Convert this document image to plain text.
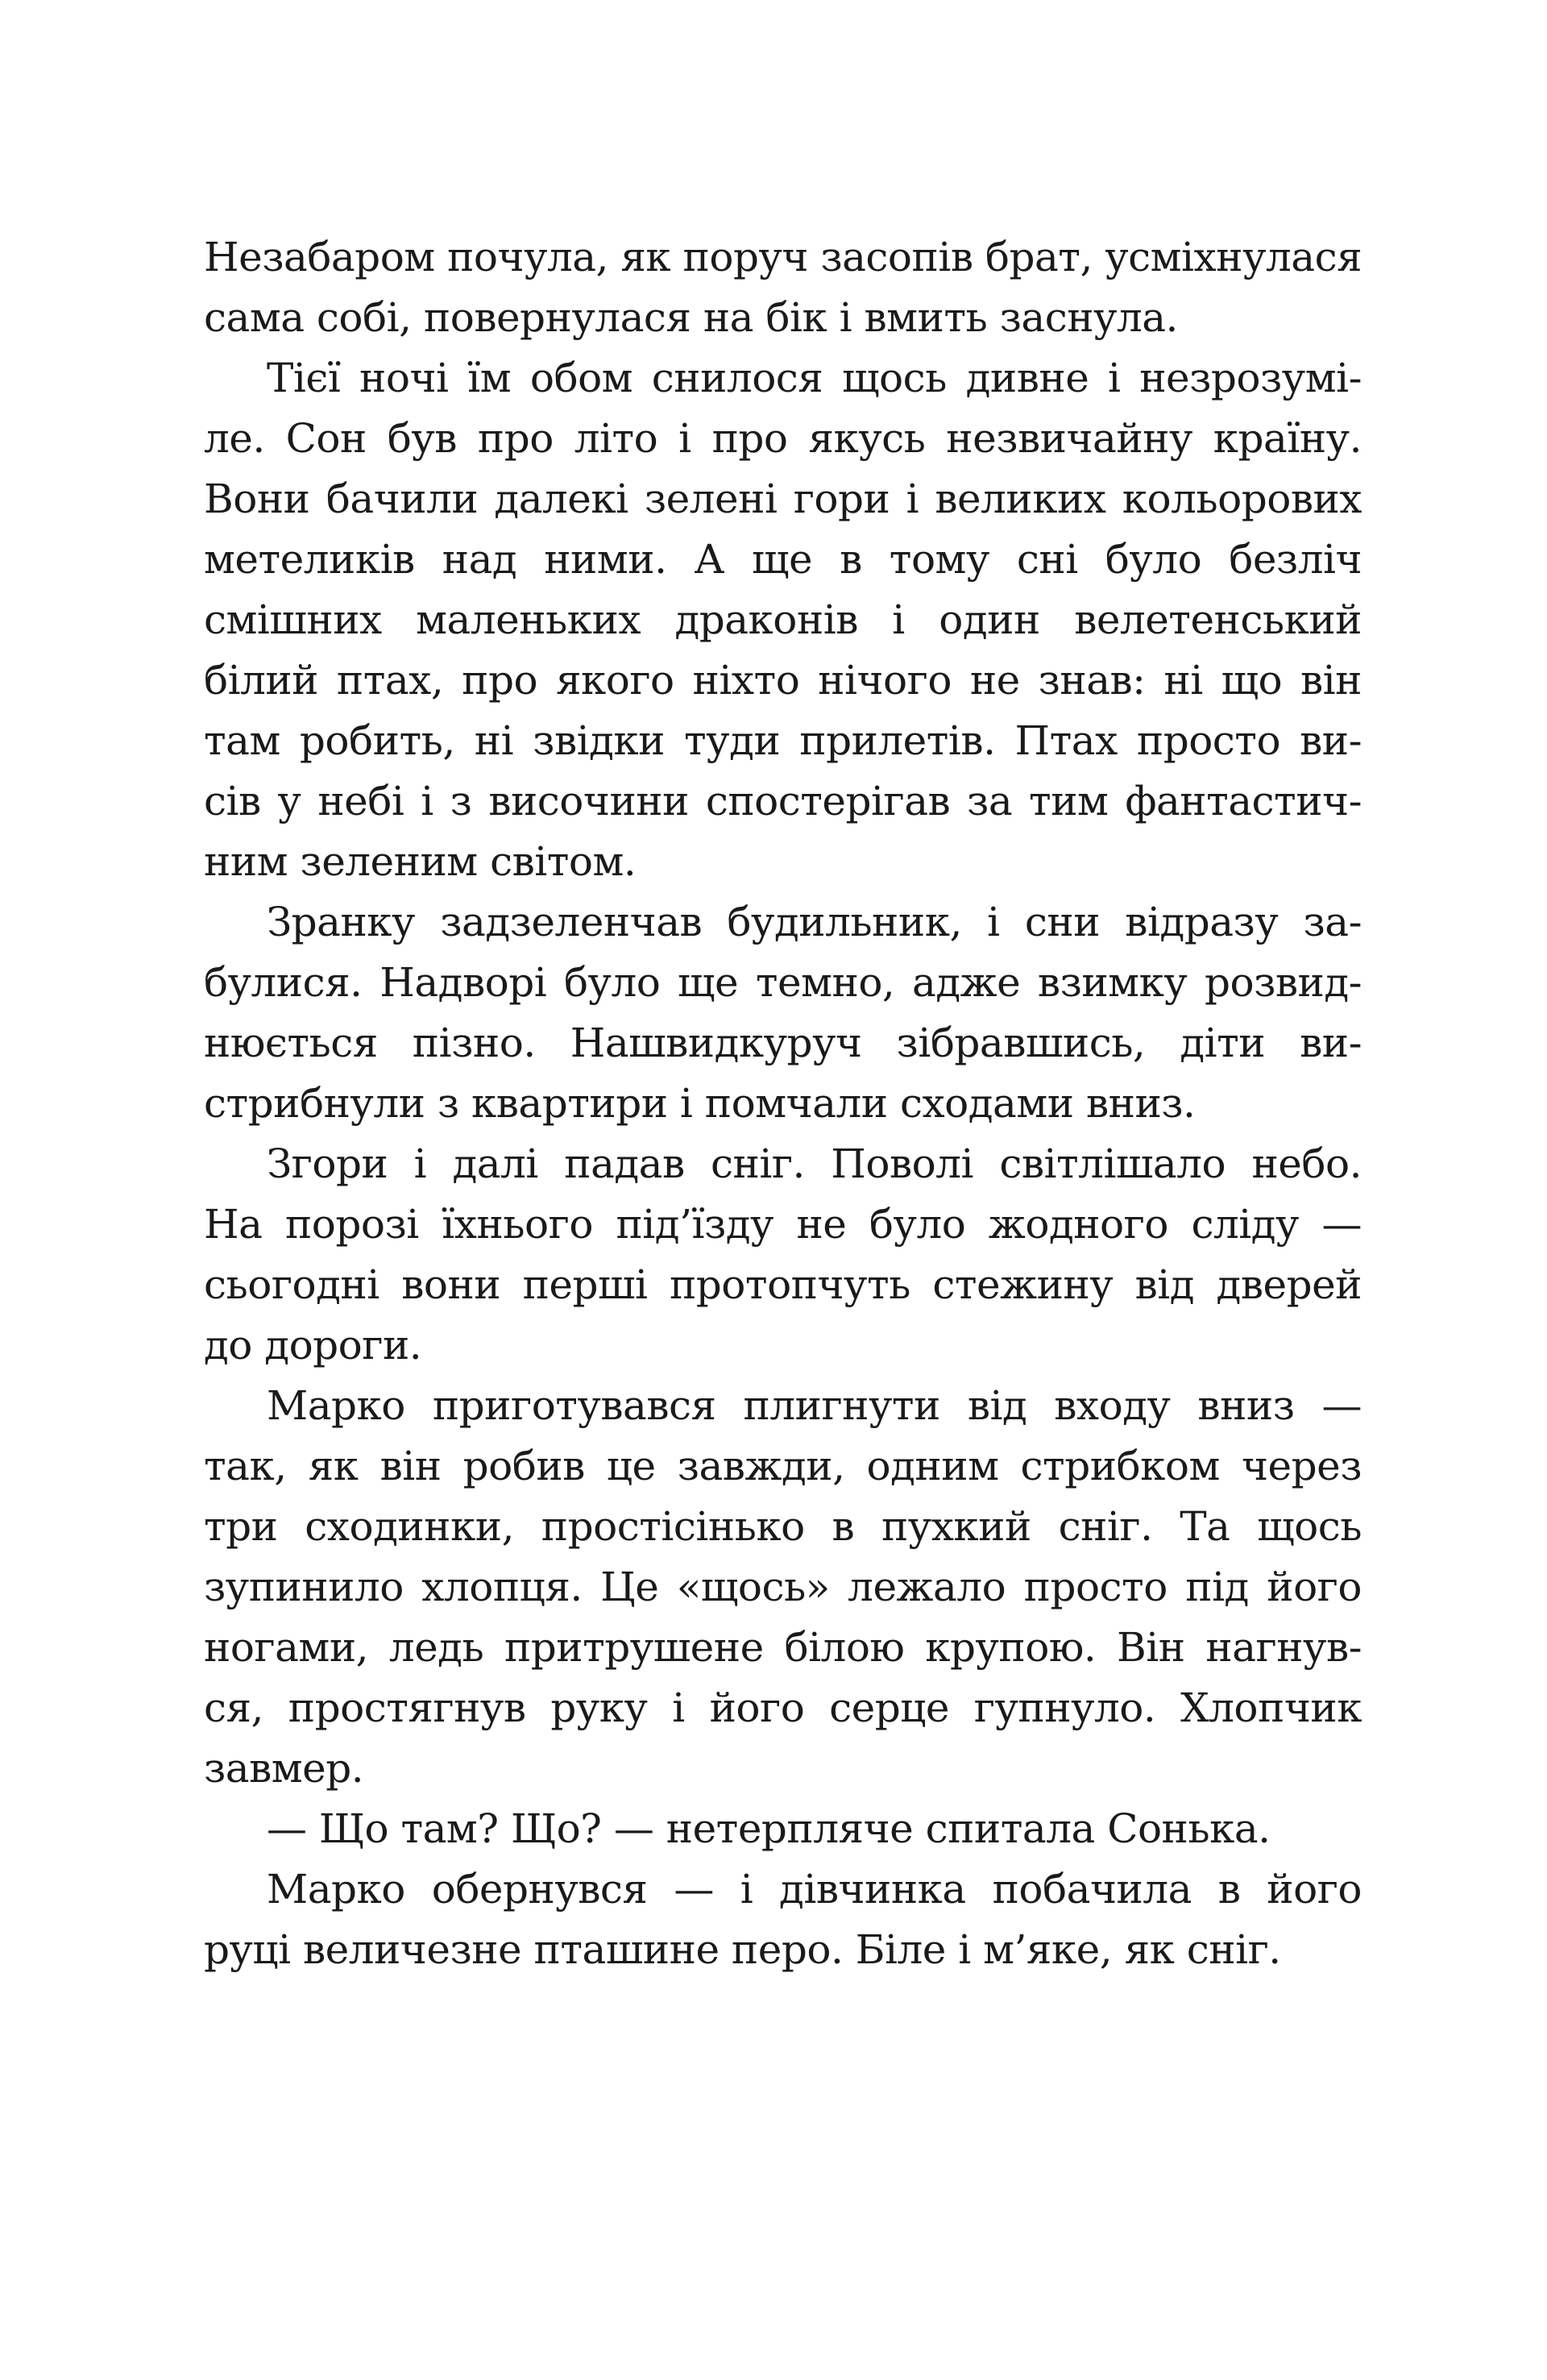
Незабаром почула, як поруч засопів брат, усміхнулася
сама собі, повернулася на бік і вмить заснула.
Тієї ночі їм обом снилося щось дивне і незрозумі-
ле. Сон був про літо і про якусь незвичайну країну.
Вони бачили далекі зелені гори і великих кольорових
метеликів над ними. А ще в тому сні було безліч
смішних маленьких драконів і один велетенський
білий птах, про якого ніхто нічого не знав: ні що він
там робить, ні звідки туди прилетів. Птах просто ви-
сів у небі і з височини спостерігав за тим фантастич-
ним зеленим світом.
Зранку задзеленчав будильник, і сни відразу за-
булися. Надворі було ще темно, адже взимку розвид-
нюється пізно. Нашвидкуруч зібравшись, діти ви-
стрибнули з квартири і помчали сходами вниз.
Згори і далі падав сніг. Поволі світлішало небо.
На порозі їхнього під’їзду не було жодного сліду —
сьогодні вони перші протопчуть стежину від дверей
до дороги.
Марко приготувався плигнути від входу вниз —
так, як він робив це завжди, одним стрибком через
три сходинки, простісінько в пухкий сніг. Та щось
зупинило хлопця. Це «щось» лежало просто під його
ногами, ледь притрушене білою крупою. Він нагнув-
ся, простягнув руку і його серце гупнуло. Хлопчик
завмер.
— Що там? Що? — нетерпляче спитала Сонька.
Марко обернувся — і дівчинка побачила в його
руці величезне пташине перо. Біле і м’яке, як сніг.
